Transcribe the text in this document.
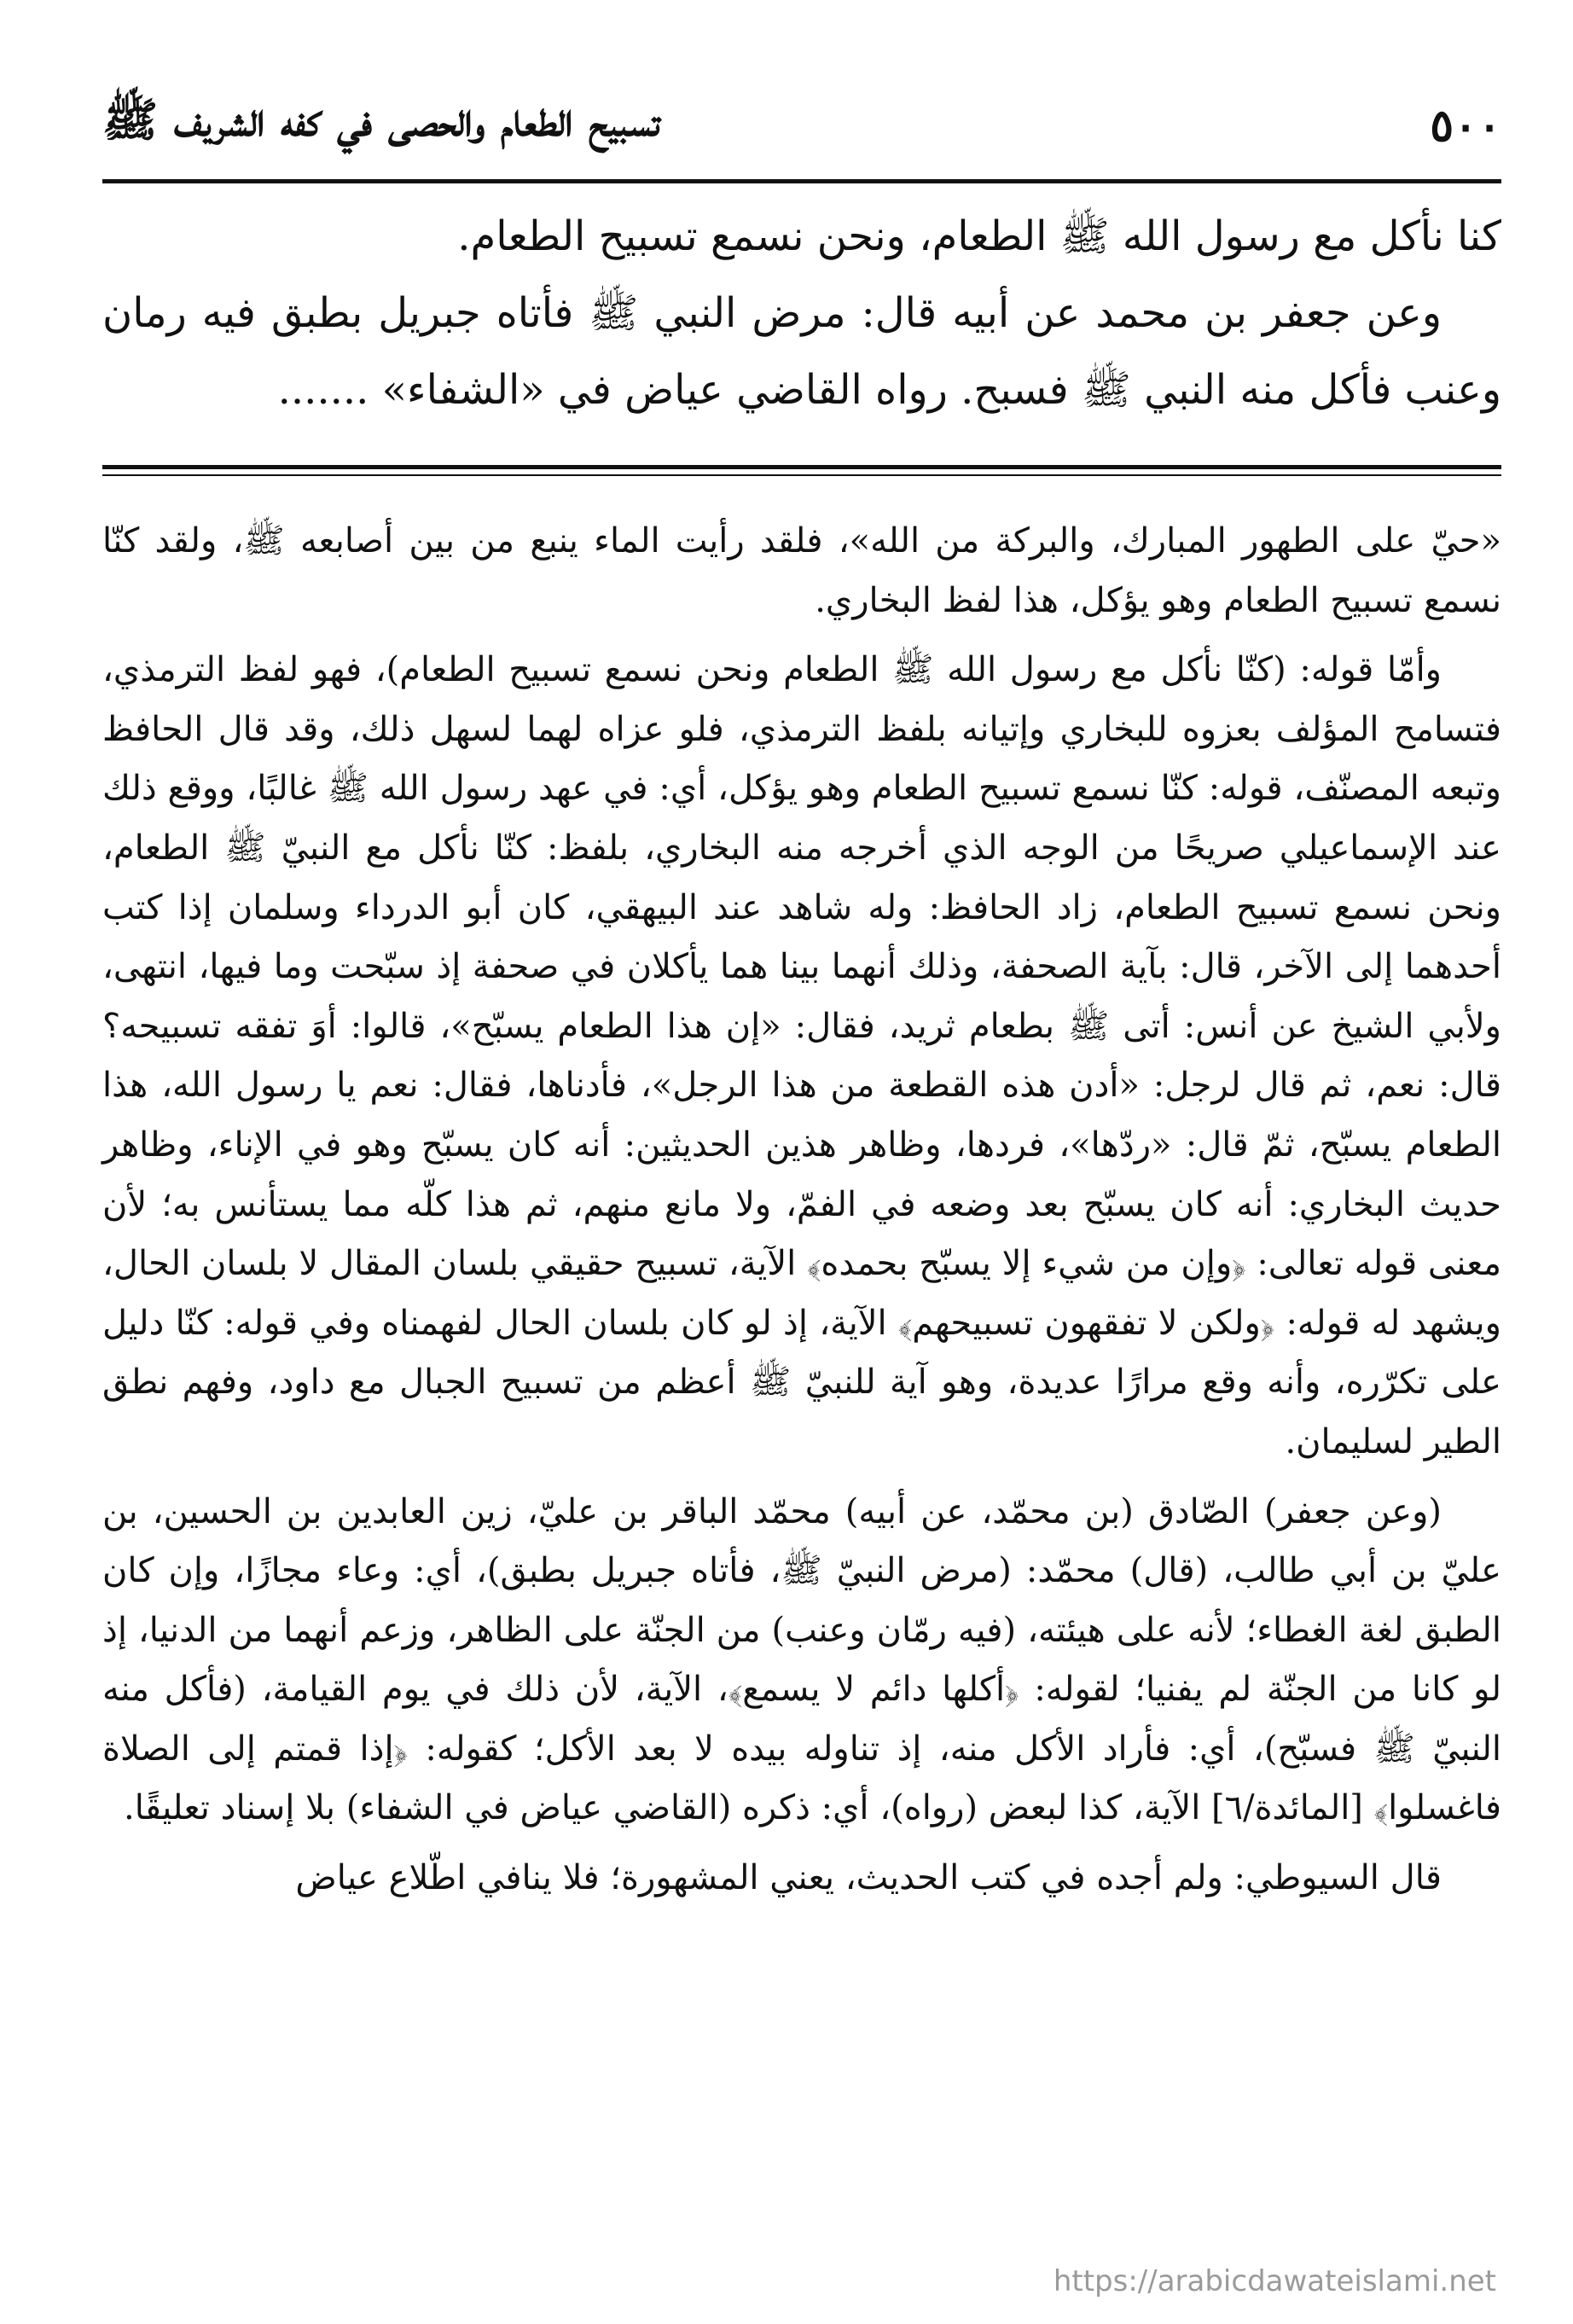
٥٠٠
تسبيح الطعام والحصى في كفه الشريف ﷺ

كنا نأكل مع رسول الله ﷺ الطعام، ونحن نسمع تسبيح الطعام.

وعن جعفر بن محمد عن أبيه قال: مرض النبي ﷺ فأتاه جبريل بطبق فيه رمان وعنب فأكل منه النبي ﷺ فسبح. رواه القاضي عياض في «الشفاء» .......

«حيّ على الطهور المبارك، والبركة من الله»، فلقد رأيت الماء ينبع من بين أصابعه ﷺ، ولقد كنّا نسمع تسبيح الطعام وهو يؤكل، هذا لفظ البخاري.

وأمّا قوله: (كنّا نأكل مع رسول الله ﷺ الطعام ونحن نسمع تسبيح الطعام)، فهو لفظ الترمذي، فتسامح المؤلف بعزوه للبخاري وإتيانه بلفظ الترمذي، فلو عزاه لهما لسهل ذلك، وقد قال الحافظ وتبعه المصنّف، قوله: كنّا نسمع تسبيح الطعام وهو يؤكل، أي: في عهد رسول الله ﷺ غالبًا، ووقع ذلك عند الإسماعيلي صريحًا من الوجه الذي أخرجه منه البخاري، بلفظ: كنّا نأكل مع النبيّ ﷺ الطعام، ونحن نسمع تسبيح الطعام، زاد الحافظ: وله شاهد عند البيهقي، كان أبو الدرداء وسلمان إذا كتب أحدهما إلى الآخر، قال: بآية الصحفة، وذلك أنهما بينا هما يأكلان في صحفة إذ سبّحت وما فيها، انتهى، ولأبي الشيخ عن أنس: أتى ﷺ بطعام ثريد، فقال: «إن هذا الطعام يسبّح»، قالوا: أوَ تفقه تسبيحه؟ قال: نعم، ثم قال لرجل: «أدن هذه القطعة من هذا الرجل»، فأدناها، فقال: نعم يا رسول الله، هذا الطعام يسبّح، ثمّ قال: «ردّها»، فردها، وظاهر هذين الحديثين: أنه كان يسبّح وهو في الإناء، وظاهر حديث البخاري: أنه كان يسبّح بعد وضعه في الفمّ، ولا مانع منهم، ثم هذا كلّه مما يستأنس به؛ لأن معنى قوله تعالى: ﴿وإن من شيء إلا يسبّح بحمده﴾ الآية، تسبيح حقيقي بلسان المقال لا بلسان الحال، ويشهد له قوله: ﴿ولكن لا تفقهون تسبيحهم﴾ الآية، إذ لو كان بلسان الحال لفهمناه وفي قوله: كنّا دليل على تكرّره، وأنه وقع مرارًا عديدة، وهو آية للنبيّ ﷺ أعظم من تسبيح الجبال مع داود، وفهم نطق الطير لسليمان.

(وعن جعفر) الصّادق (بن محمّد، عن أبيه) محمّد الباقر بن عليّ، زين العابدين بن الحسين، بن عليّ بن أبي طالب، (قال) محمّد: (مرض النبيّ ﷺ، فأتاه جبريل بطبق)، أي: وعاء مجازًا، وإن كان الطبق لغة الغطاء؛ لأنه على هيئته، (فيه رمّان وعنب) من الجنّة على الظاهر، وزعم أنهما من الدنيا، إذ لو كانا من الجنّة لم يفنيا؛ لقوله: ﴿أكلها دائم لا يسمع﴾، الآية، لأن ذلك في يوم القيامة، (فأكل منه النبيّ ﷺ فسبّح)، أي: فأراد الأكل منه، إذ تناوله بيده لا بعد الأكل؛ كقوله: ﴿إذا قمتم إلى الصلاة فاغسلوا﴾ [المائدة/٦] الآية، كذا لبعض (رواه)، أي: ذكره (القاضي عياض في الشفاء) بلا إسناد تعليقًا.

قال السيوطي: ولم أجده في كتب الحديث، يعني المشهورة؛ فلا ينافي اطّلاع عياض

https://arabicdawateislami.net
